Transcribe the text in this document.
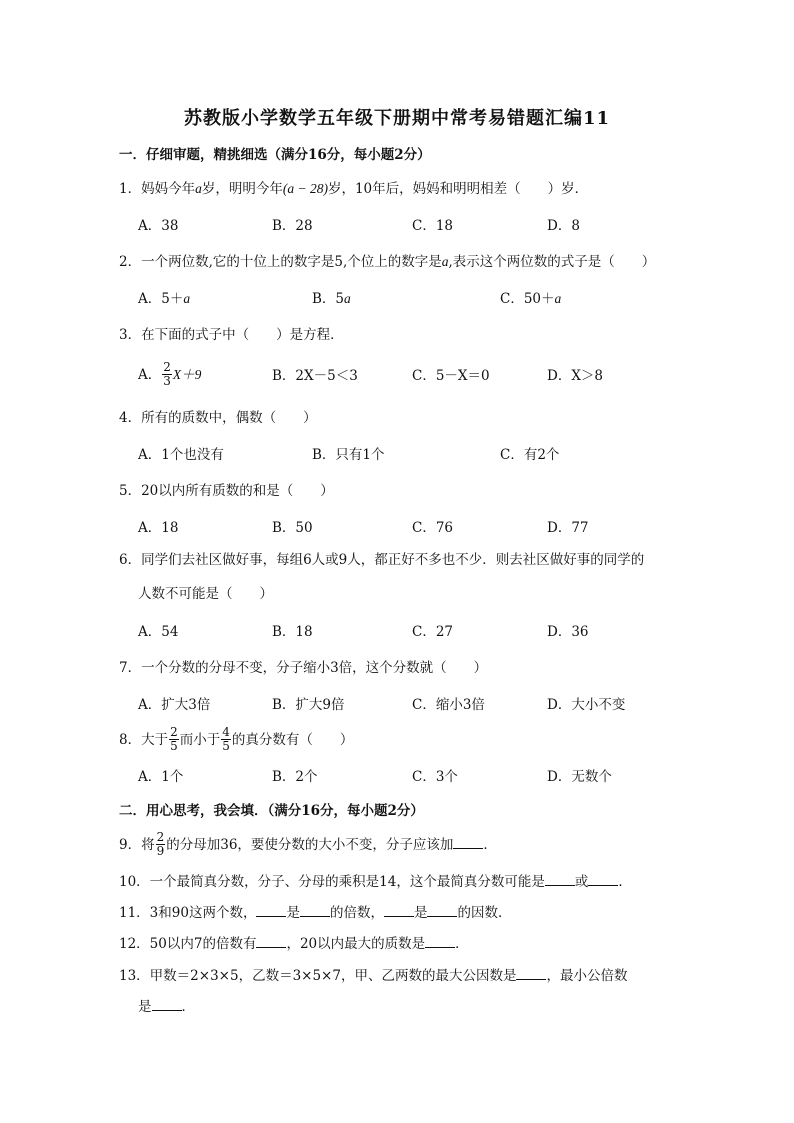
苏教版小学数学五年级下册期中常考易错题汇编11
一．仔细审题，精挑细选（满分16分，每小题2分）
1．妈妈今年a岁，明明今年(a − 28)岁，10年后，妈妈和明明相差（　　）岁．
A．38	B．28	C．18	D．8
2．一个两位数,它的十位上的数字是5,个位上的数字是a,表示这个两位数的式子是（　　）
A．5＋a	B．5a	C．50＋a
3．在下面的式子中（　　）是方程．
A． $\frac{2}{3} X+9$	B．2X－5＜3	C．5－X＝0	D．X＞8
4．所有的质数中，偶数（　　）
A．1个也没有	B．只有1个	C．有2个
5．20以内所有质数的和是（　　）
A．18	B．50	C．76	D．77
6．同学们去社区做好事，每组6人或9人，都正好不多也不少．则去社区做好事的同学的
人数不可能是（　　）
A．54	B．18	C．27	D．36
7．一个分数的分母不变，分子缩小3倍，这个分数就（　　）
A．扩大3倍	B．扩大9倍	C．缩小3倍	D．大小不变
8．大于 $\frac{2}{5}$ 而小于 $\frac{4}{5}$ 的真分数有（　　）
A．1个	B．2个	C．3个	D．无数个
二．用心思考，我会填．（满分16分，每小题2分）
9．将 $\frac{2}{9}$ 的分母加36，要使分数的大小不变，分子应该加 ．
10．一个最简真分数，分子、分母的乘积是14，这个最简真分数可能是 或 ．
11．3和90这两个数， 是 的倍数， 是 的因数．
12．50以内7的倍数有 ，20以内最大的质数是 ．
13．甲数＝2×3×5，乙数＝3×5×7，甲、乙两数的最大公因数是 ，最小公倍数
是 ．
